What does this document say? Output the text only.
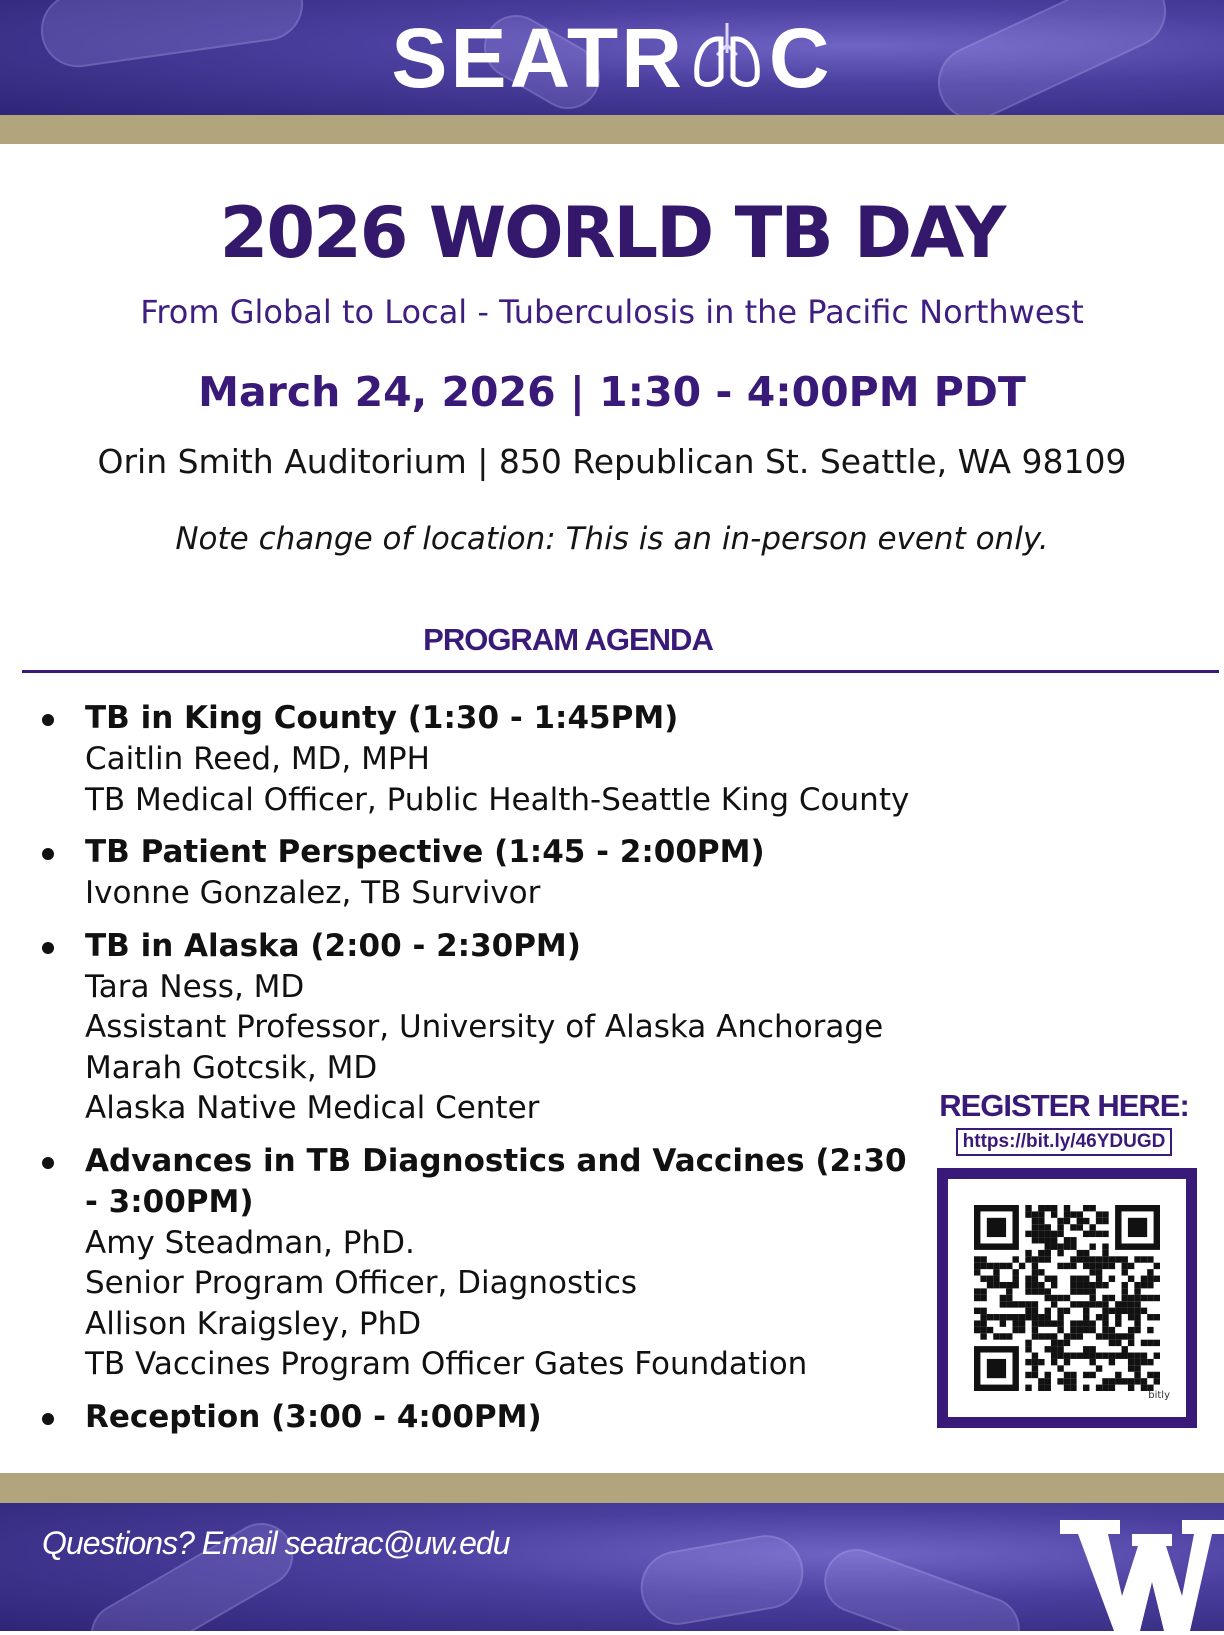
SEATR C
2026 WORLD TB DAY
From Global to Local - Tuberculosis in the Pacific Northwest
March 24, 2026 | 1:30 - 4:00PM PDT
Orin Smith Auditorium | 850 Republican St. Seattle, WA 98109
Note change of location: This is an in-person event only.
PROGRAM AGENDA
TB in King County (1:30 - 1:45PM)
Caitlin Reed, MD, MPH
TB Medical Officer, Public Health-Seattle King County
TB Patient Perspective (1:45 - 2:00PM)
Ivonne Gonzalez, TB Survivor
TB in Alaska (2:00 - 2:30PM)
Tara Ness, MD
Assistant Professor, University of Alaska Anchorage
Marah Gotcsik, MD
Alaska Native Medical Center
Advances in TB Diagnostics and Vaccines (2:30 - 3:00PM)
Amy Steadman, PhD.
Senior Program Officer, Diagnostics
Allison Kraigsley, PhD
TB Vaccines Program Officer Gates Foundation
Reception (3:00 - 4:00PM)
REGISTER HERE:
https://bit.ly/46YDUGD
bitly
Questions? Email seatrac@uw.edu
